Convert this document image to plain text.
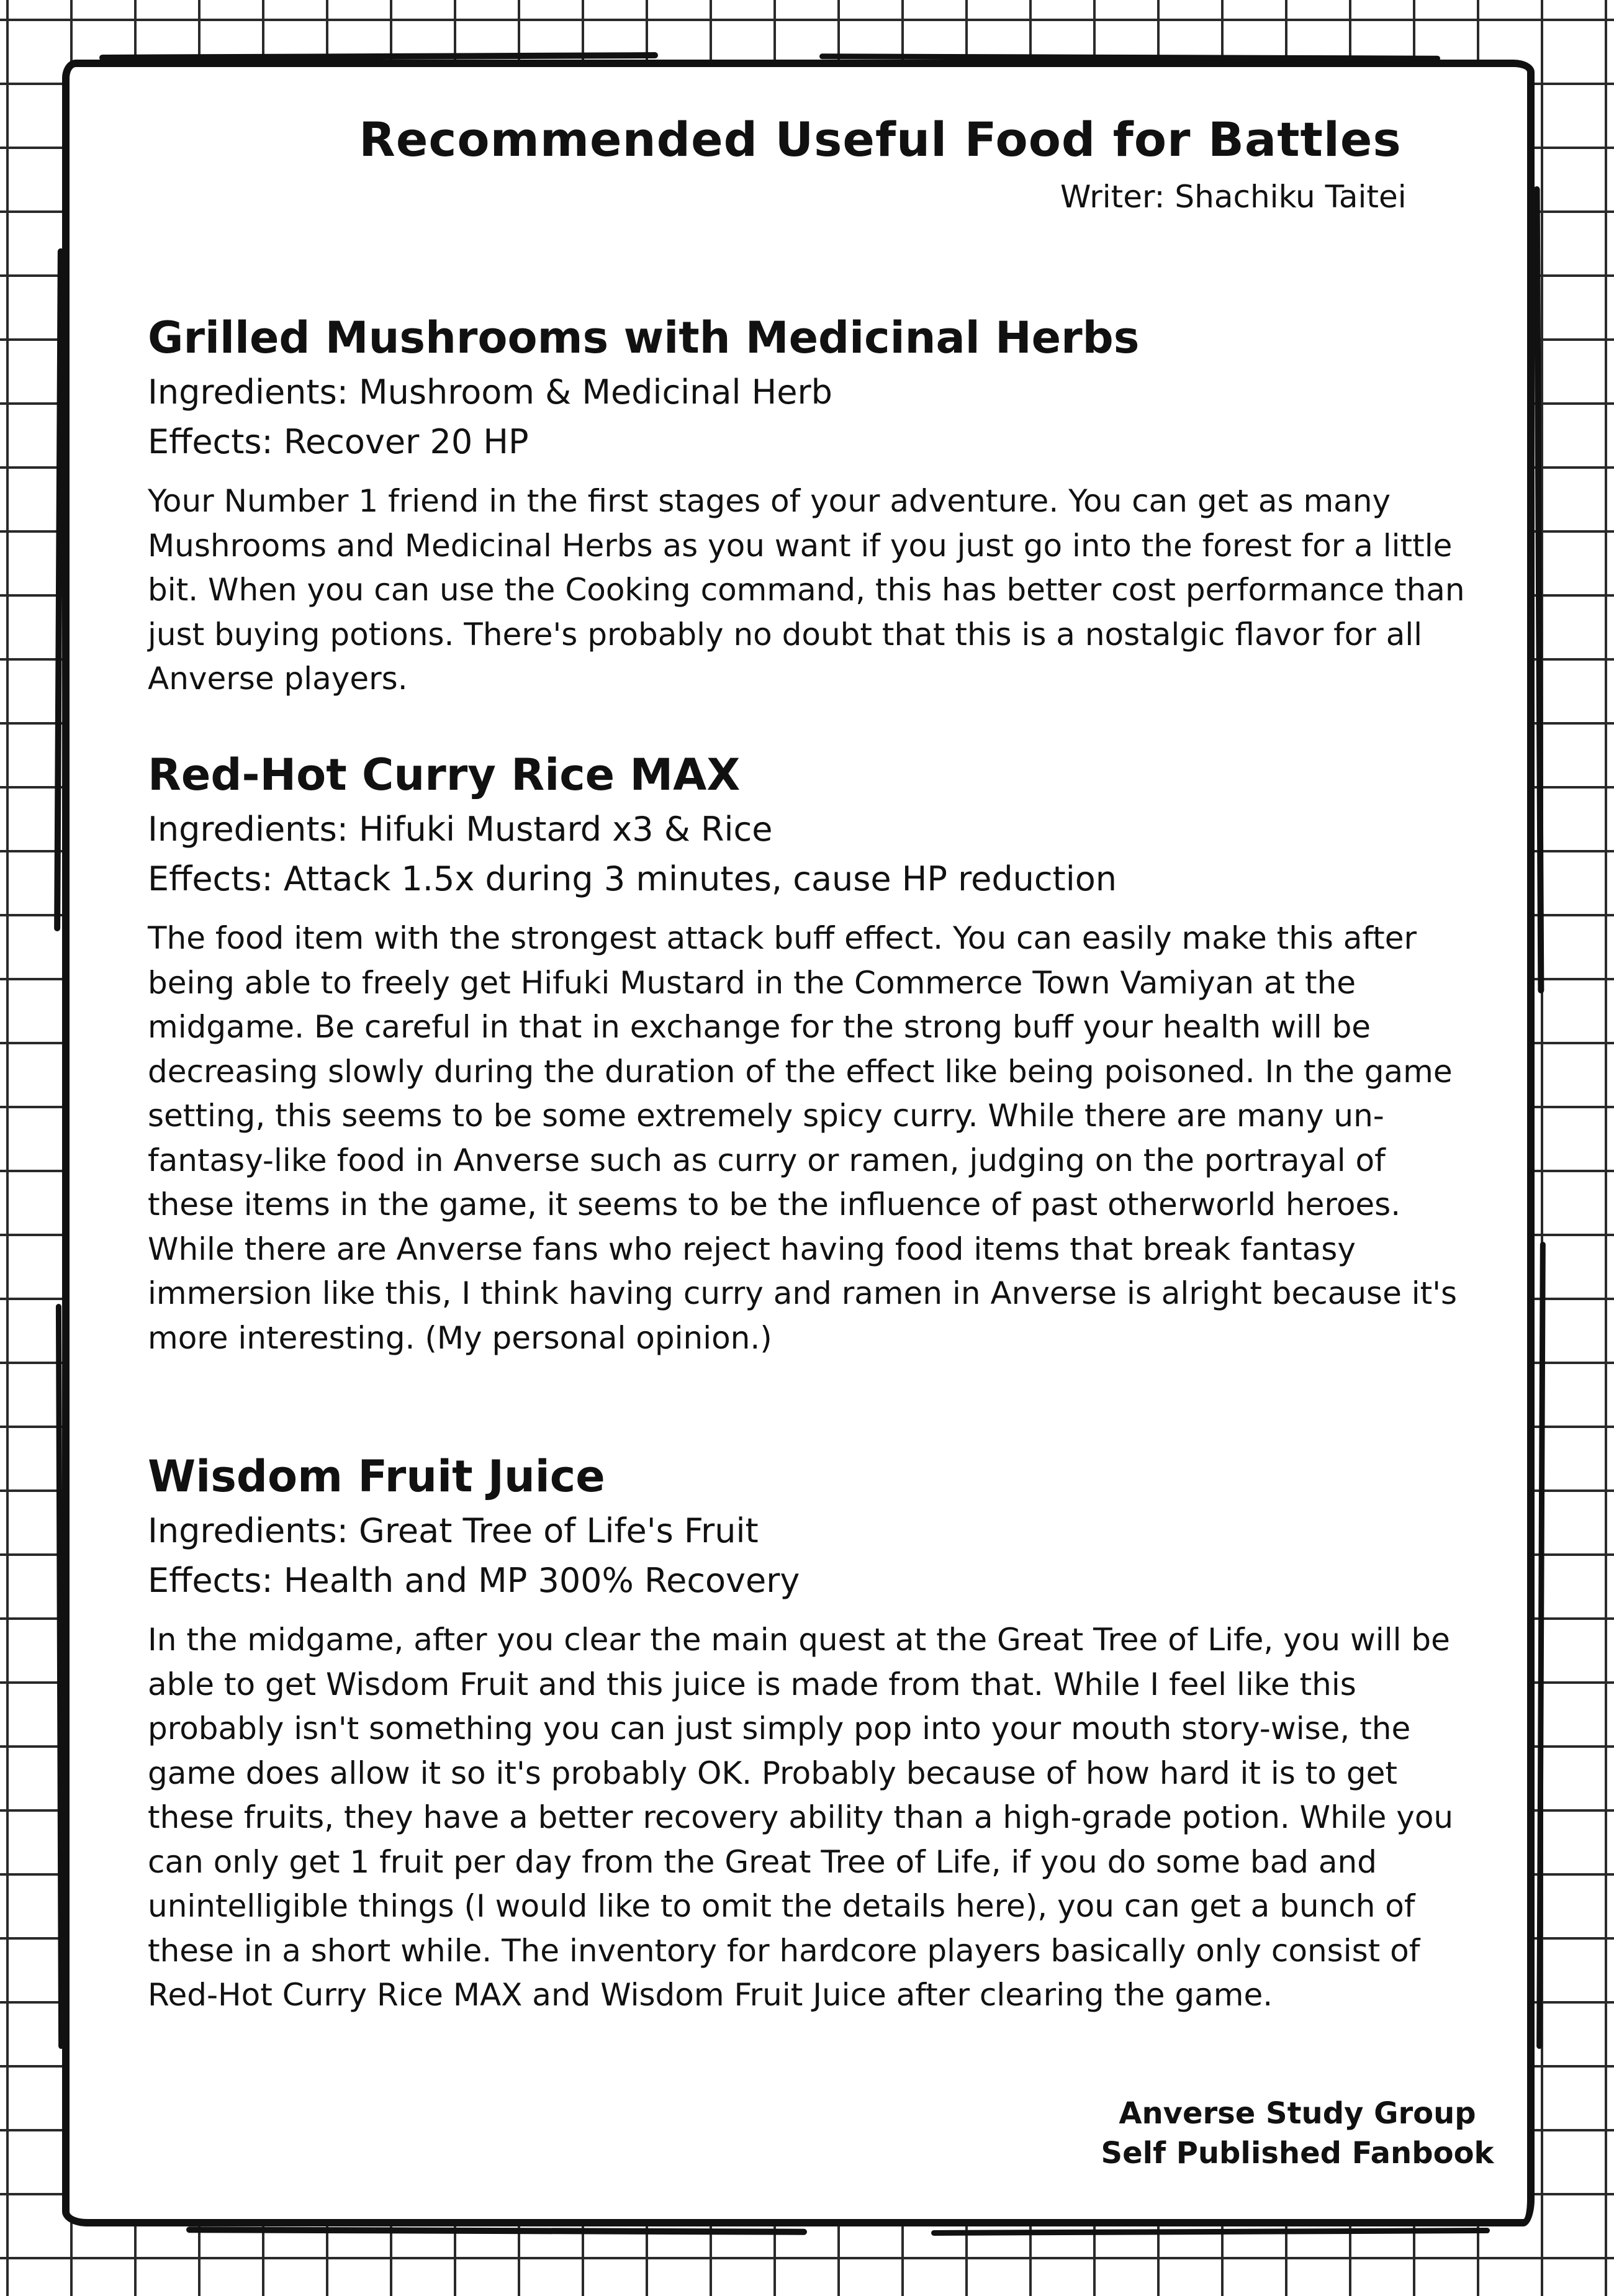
Recommended Useful Food for Battles
Writer: Shachiku Taitei
Grilled Mushrooms with Medicinal Herbs
Ingredients: Mushroom & Medicinal Herb
Effects: Recover 20 HP
Your Number 1 friend in the first stages of your adventure. You can get as many Mushrooms and Medicinal Herbs as you want if you just go into the forest for a little bit. When you can use the Cooking command, this has better cost performance than just buying potions. There's probably no doubt that this is a nostalgic flavor for all Anverse players.
Red-Hot Curry Rice MAX
Ingredients: Hifuki Mustard x3 & Rice
Effects: Attack 1.5x during 3 minutes, cause HP reduction
The food item with the strongest attack buff effect. You can easily make this after being able to freely get Hifuki Mustard in the Commerce Town Vamiyan at the midgame. Be careful in that in exchange for the strong buff your health will be decreasing slowly during the duration of the effect like being poisoned. In the game setting, this seems to be some extremely spicy curry. While there are many un-fantasy-like food in Anverse such as curry or ramen, judging on the portrayal of these items in the game, it seems to be the influence of past otherworld heroes. While there are Anverse fans who reject having food items that break fantasy immersion like this, I think having curry and ramen in Anverse is alright because it's more interesting. (My personal opinion.)
Wisdom Fruit Juice
Ingredients: Great Tree of Life's Fruit
Effects: Health and MP 300% Recovery
In the midgame, after you clear the main quest at the Great Tree of Life, you will be able to get Wisdom Fruit and this juice is made from that. While I feel like this probably isn't something you can just simply pop into your mouth story-wise, the game does allow it so it's probably OK. Probably because of how hard it is to get these fruits, they have a better recovery ability than a high-grade potion. While you can only get 1 fruit per day from the Great Tree of Life, if you do some bad and unintelligible things (I would like to omit the details here), you can get a bunch of these in a short while. The inventory for hardcore players basically only consist of Red-Hot Curry Rice MAX and Wisdom Fruit Juice after clearing the game.
Anverse Study Group
Self Published Fanbook
